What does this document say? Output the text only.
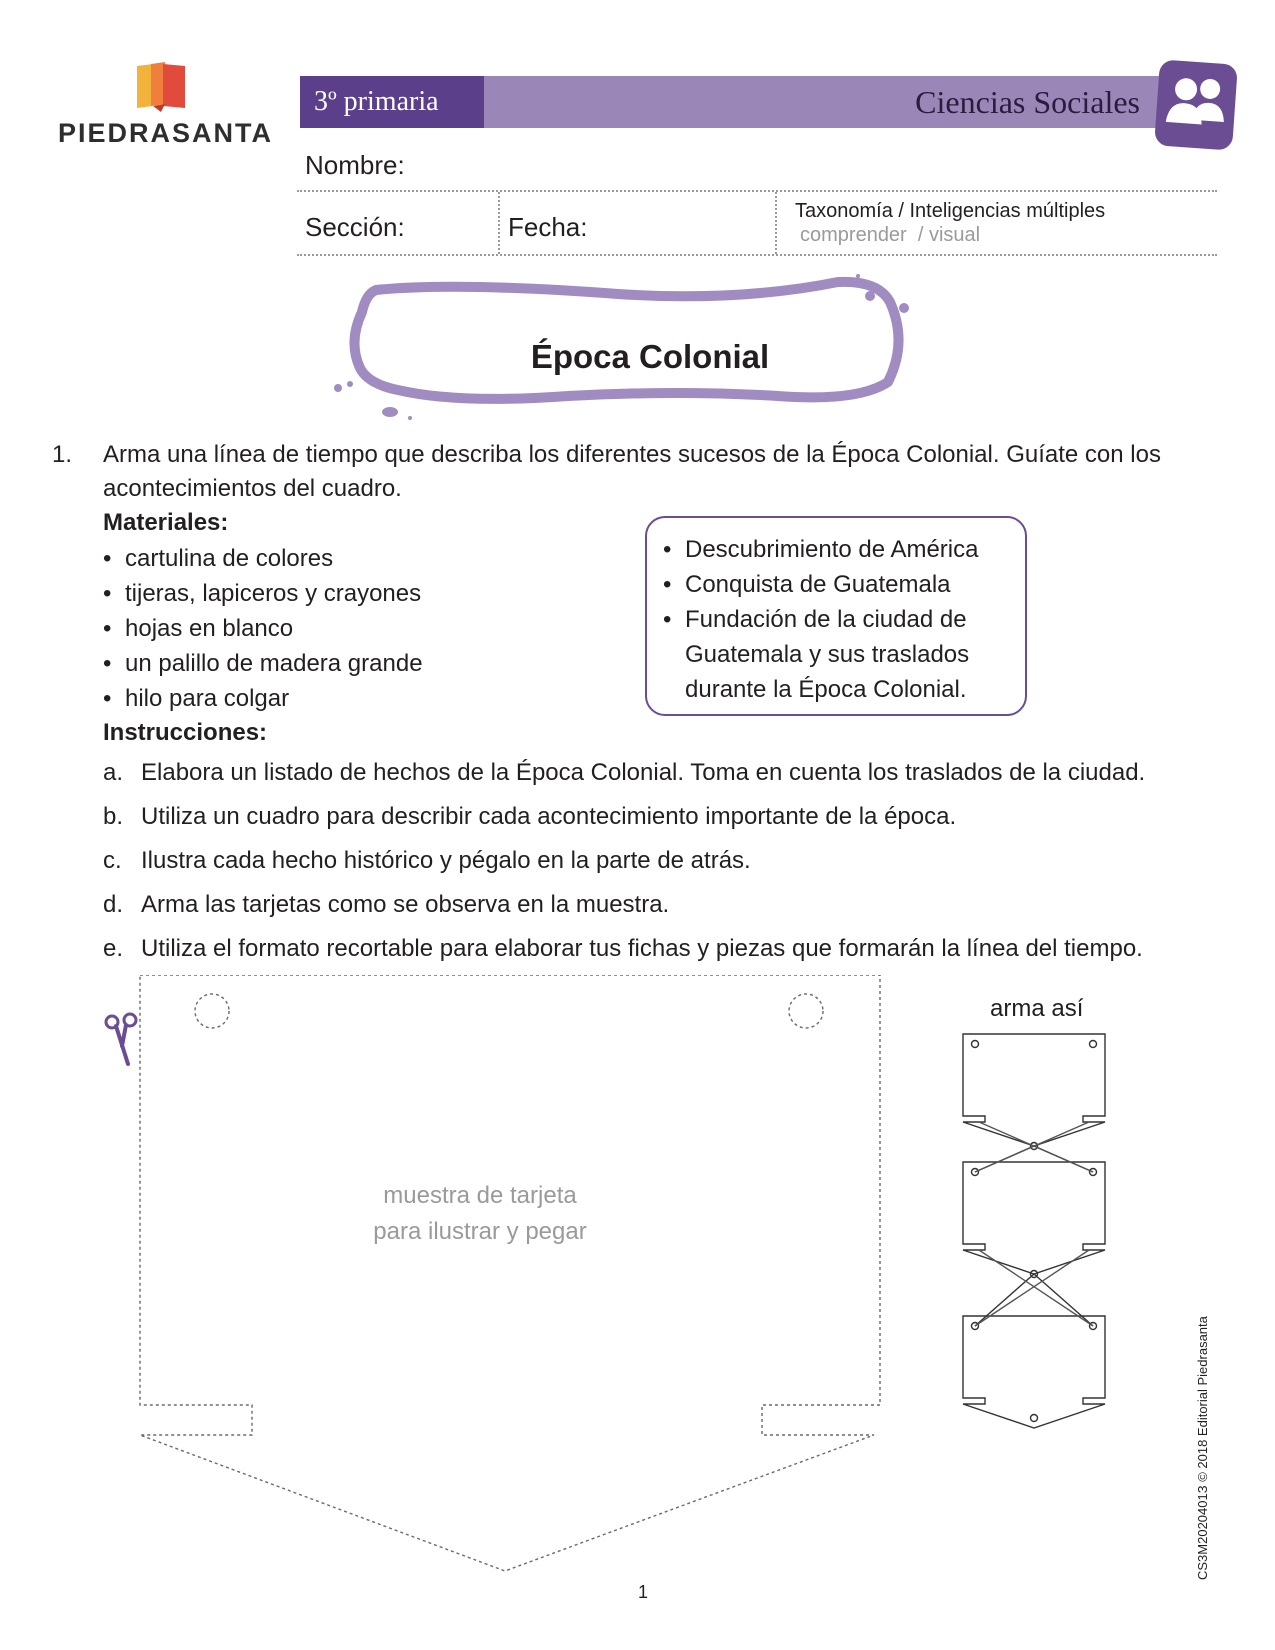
PIEDRASANTA
3º primaria	Ciencias Sociales
Nombre:
Sección:	Fecha:
Taxonomía / Inteligencias múltiples
comprender  / visual
Época Colonial
1. Arma una línea de tiempo que describa los diferentes sucesos de la Época Colonial. Guíate con los
acontecimientos del cuadro.
Materiales:
• cartulina de colores
• tijeras, lapiceros y crayones
• hojas en blanco
• un palillo de madera grande
• hilo para colgar
• Descubrimiento de América
• Conquista de Guatemala
• Fundación de la ciudad de Guatemala y sus traslados durante la Época Colonial.
Instrucciones:
a. Elabora un listado de hechos de la Época Colonial. Toma en cuenta los traslados de la ciudad.
b. Utiliza un cuadro para describir cada acontecimiento importante de la época.
c. Ilustra cada hecho histórico y pégalo en la parte de atrás.
d. Arma las tarjetas como se observa en la muestra.
e. Utiliza el formato recortable para elaborar tus fichas y piezas que formarán la línea del tiempo.
muestra de tarjeta
para ilustrar y pegar
arma así
CS3M2020401З © 2018 Editorial Piedrasanta
1
